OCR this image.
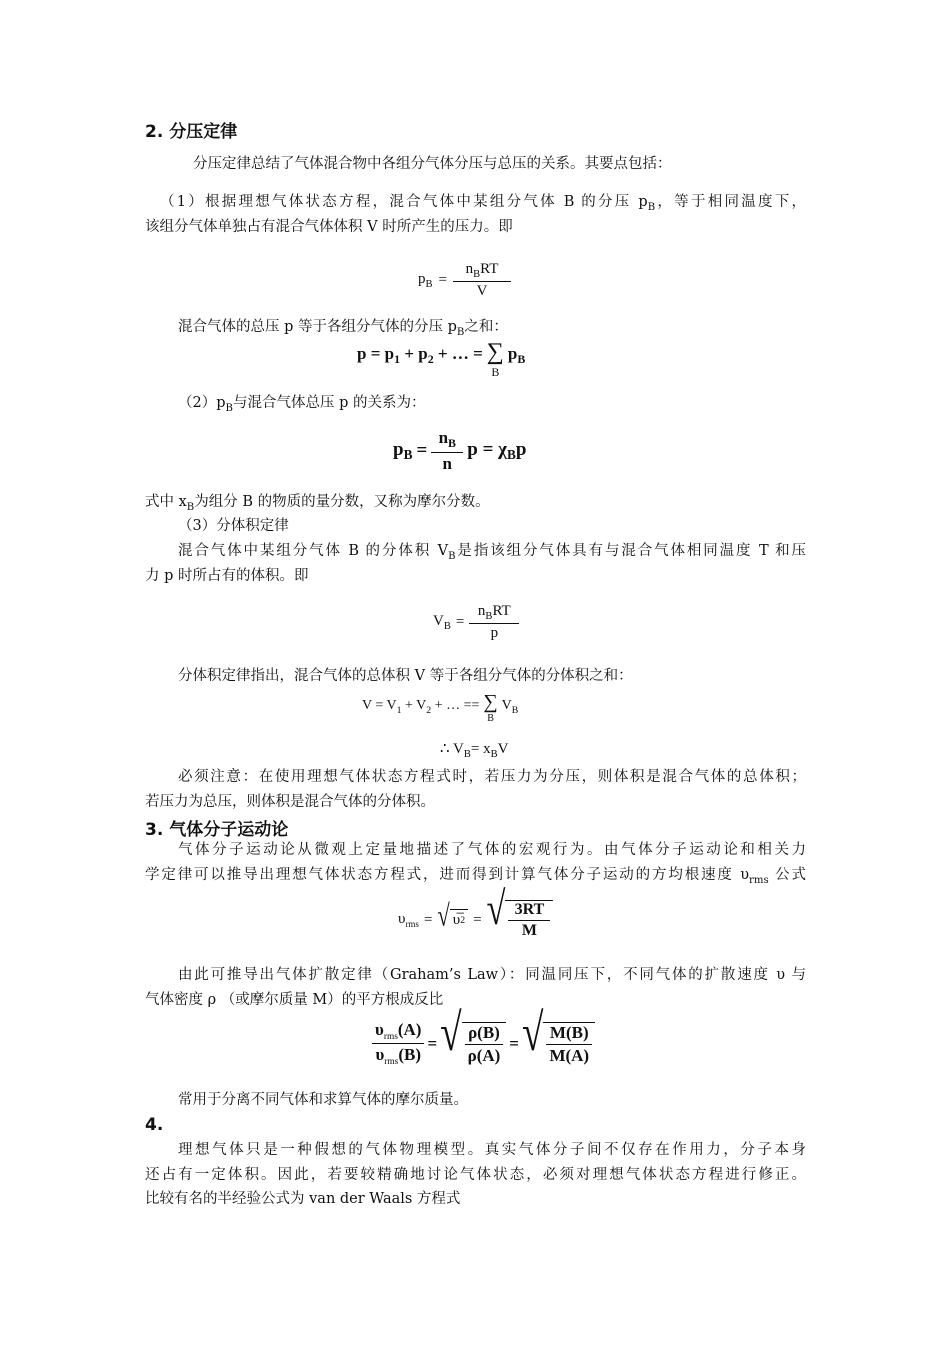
2. 分压定律
分压定律总结了气体混合物中各组分气体分压与总压的关系。其要点包括：
（1）根据理想气体状态方程，混合气体中某组分气体 B 的分压 $p_B$，等于相同温度下，
该组分气体单独占有混合气体体积 V 时所产生的压力。即
$p_B = \frac{n_BRT}{V}$
混合气体的总压 p 等于各组分气体的分压 $p_B$之和：
$p = p_1 + p_2$ + … = ∑
B
$p_B$
$(2)p_B$与混合气体总压 p 的关系为：
$p_B = \frac{n_B}{n}$ $p = \chi_Bp$
式中 $x_B$为组分 B 的物质的量分数，又称为摩尔分数。
（3）分体积定律
混合气体中某组分气体 B 的分体积 $V_B$是指该组分气体具有与混合气体相同温度 T 和压
力 p 时所占有的体积。即
$V_B = \frac{n_BRT}{p}$
分体积定律指出，混合气体的总体积 V 等于各组分气体的分体积之和：
$V = V_1 + V_2$ + … == ∑
B
$V_B$
∴ $V_B= x_BV$
必须注意：在使用理想气体状态方程式时，若压力为分压，则体积是混合气体的总体积；
若压力为总压，则体积是混合气体的分体积。
3. 气体分子运动论
气体分子运动论从微观上定量地描述了气体的宏观行为。由气体分子运动论和相关力
学定律可以推导出理想气体状态方程式，进而得到计算气体分子运动的方均根速度 $\upsilon_{rms}$ 公式
$\upsilon_{rms}$ = √ υ̅ 2 = √ $\frac{3RT}{M}$
由此可推导出气体扩散定律（Graham’s Law）：同温同压下，不同气体的扩散速度 υ 与
气体密度 ρ （或摩尔质量 M）的平方根成反比
$\frac{\upsilon_{rms}(A)}{\upsilon_{rms}(B)}$ = √ $\frac{\rho(B)}{\rho(A)}$ = √ $\frac{M(B)}{M(A)}$
常用于分离不同气体和求算气体的摩尔质量。
4.
理想气体只是一种假想的气体物理模型。真实气体分子间不仅存在作用力，分子本身
还占有一定体积。因此，若要较精确地讨论气体状态，必须对理想气体状态方程进行修正。
比较有名的半经验公式为 van der Waals 方程式
